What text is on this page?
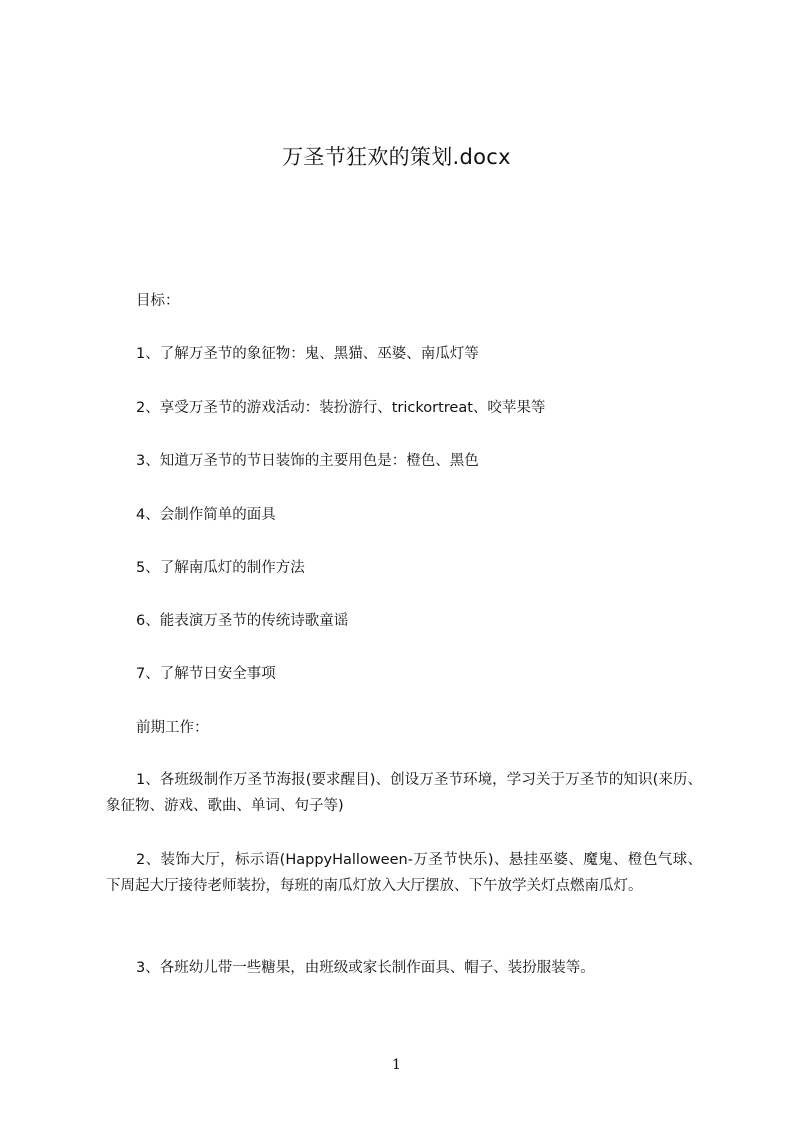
万圣节狂欢的策划.docx
目标：
1、了解万圣节的象征物：鬼、黑猫、巫婆、南瓜灯等
2、享受万圣节的游戏活动：装扮游行、trickortreat、咬苹果等
3、知道万圣节的节日装饰的主要用色是：橙色、黑色
4、会制作简单的面具
5、了解南瓜灯的制作方法
6、能表演万圣节的传统诗歌童谣
7、了解节日安全事项
前期工作：
1、各班级制作万圣节海报(要求醒目)、创设万圣节环境，学习关于万圣节的知识(来历、象征物、游戏、歌曲、单词、句子等)
2、装饰大厅，标示语(HappyHalloween-万圣节快乐)、悬挂巫婆、魔鬼、橙色气球、下周起大厅接待老师装扮，每班的南瓜灯放入大厅摆放、下午放学关灯点燃南瓜灯。
3、各班幼儿带一些糖果，由班级或家长制作面具、帽子、装扮服装等。
1
